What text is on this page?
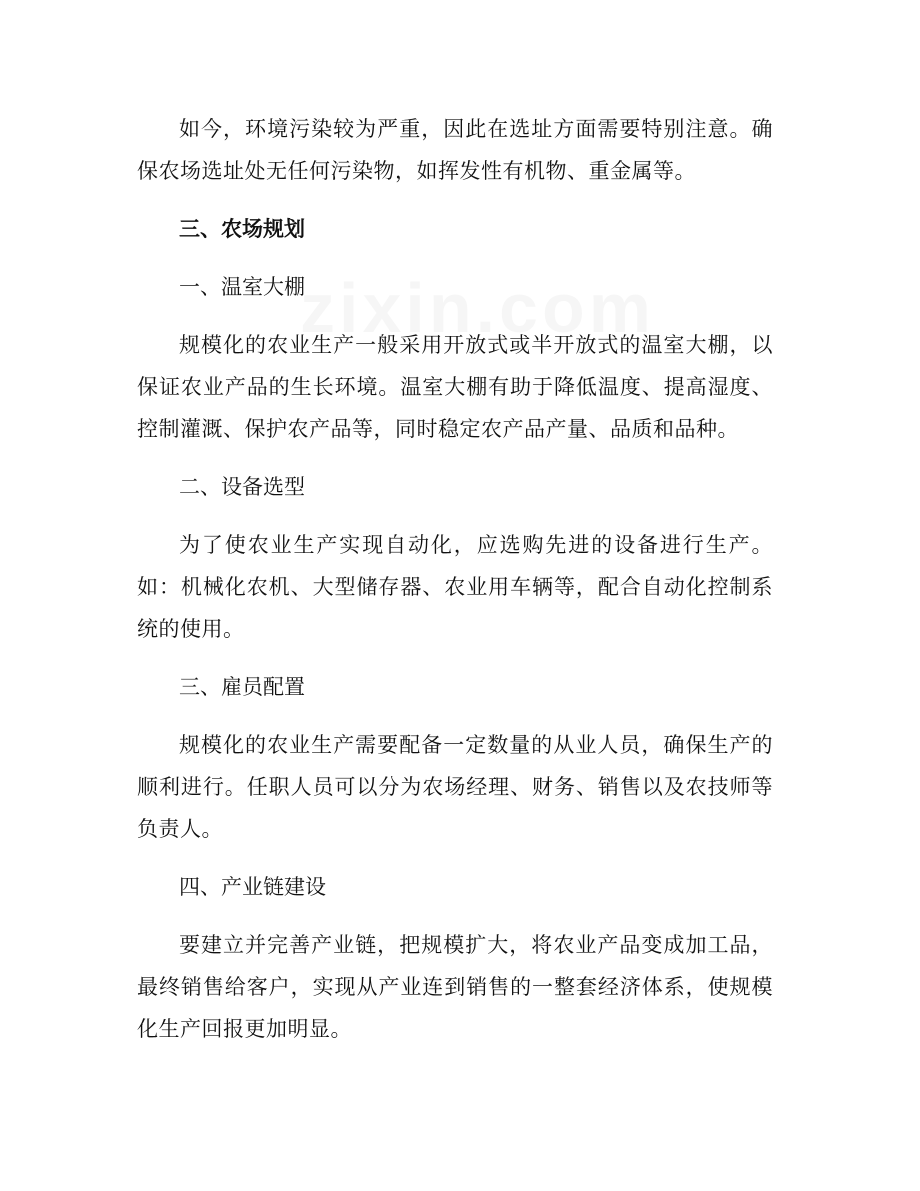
如今，环境污染较为严重，因此在选址方面需要特别注意。确保农场选址处无任何污染物，如挥发性有机物、重金属等。

三、农场规划

一、温室大棚

规模化的农业生产一般采用开放式或半开放式的温室大棚，以保证农业产品的生长环境。温室大棚有助于降低温度、提高湿度、控制灌溉、保护农产品等，同时稳定农产品产量、品质和品种。

二、设备选型

为了使农业生产实现自动化，应选购先进的设备进行生产。如：机械化农机、大型储存器、农业用车辆等，配合自动化控制系统的使用。

三、雇员配置

规模化的农业生产需要配备一定数量的从业人员，确保生产的顺利进行。任职人员可以分为农场经理、财务、销售以及农技师等负责人。

四、产业链建设

要建立并完善产业链，把规模扩大，将农业产品变成加工品，最终销售给客户，实现从产业连到销售的一整套经济体系，使规模化生产回报更加明显。
